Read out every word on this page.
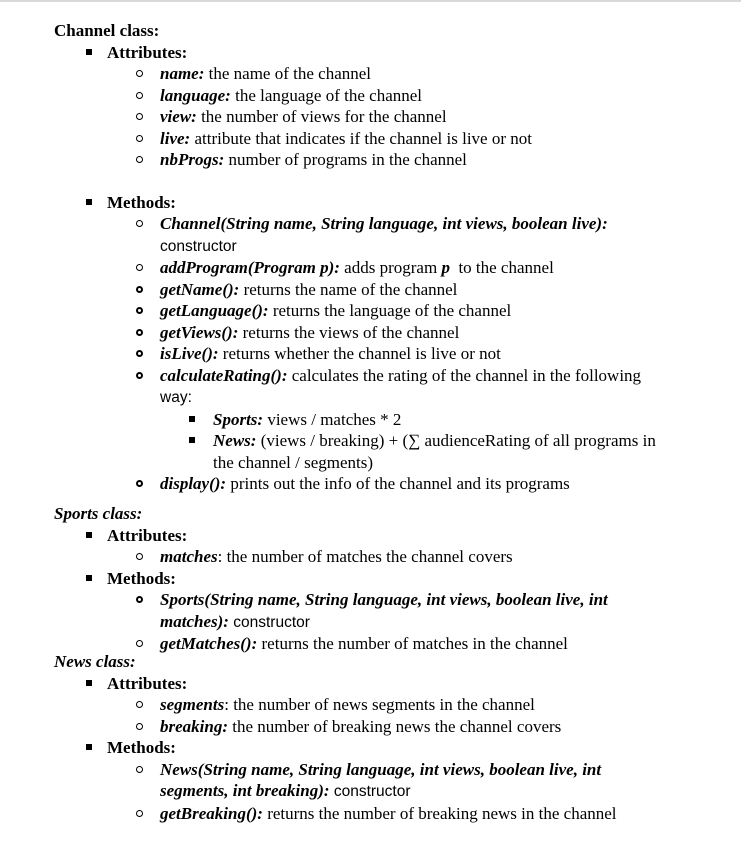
Channel class:
Attributes:
name: the name of the channel
language: the language of the channel
view: the number of views for the channel
live: attribute that indicates if the channel is live or not
nbProgs: number of programs in the channel
Methods:
Channel(String name, String language, int views, boolean live):
constructor
addProgram(Program p): adds program p  to the channel
getName(): returns the name of the channel
getLanguage(): returns the language of the channel
getViews(): returns the views of the channel
isLive(): returns whether the channel is live or not
calculateRating(): calculates the rating of the channel in the following
way:
Sports: views / matches * 2
News: (views / breaking) + (∑ audienceRating of all programs in
the channel / segments)
display(): prints out the info of the channel and its programs
Sports class:
Attributes:
matches: the number of matches the channel covers
Methods:
Sports(String name, String language, int views, boolean live, int
matches): constructor
getMatches(): returns the number of matches in the channel
News class:
Attributes:
segments: the number of news segments in the channel
breaking: the number of breaking news the channel covers
Methods:
News(String name, String language, int views, boolean live, int
segments, int breaking): constructor
getBreaking(): returns the number of breaking news in the channel
